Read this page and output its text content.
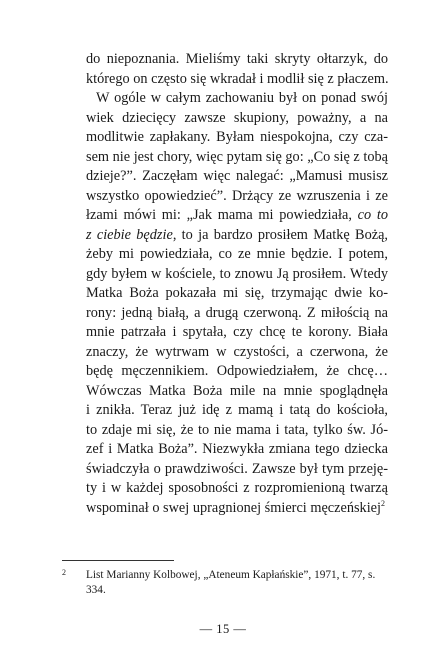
do niepoznania. Mieliśmy taki skryty ołtarzyk, do
którego on często się wkradał i modlił się z płaczem.
W ogóle w całym zachowaniu był on ponad swój
wiek dziecięcy zawsze skupiony, poważny, a na
modlitwie zapłakany. Byłam niespokojna, czy cza-
sem nie jest chory, więc pytam się go: „Co się z tobą
dzieje?”. Zaczęłam więc nalegać: „Mamusi musisz
wszystko opowiedzieć”. Drżący ze wzruszenia i ze
łzami mówi mi: „Jak mama mi powiedziała, co to
z ciebie będzie, to ja bardzo prosiłem Matkę Bożą,
żeby mi powiedziała, co ze mnie będzie. I potem,
gdy byłem w kościele, to znowu Ją prosiłem. Wtedy
Matka Boża pokazała mi się, trzymając dwie ko-
rony: jedną białą, a drugą czerwoną. Z miłością na
mnie patrzała i spytała, czy chcę te korony. Biała
znaczy, że wytrwam w czystości, a czerwona, że
będę męczennikiem. Odpowiedziałem, że chcę…
Wówczas Matka Boża mile na mnie spoglądnęła
i znikła. Teraz już idę z mamą i tatą do kościoła,
to zdaje mi się, że to nie mama i tata, tylko św. Jó-
zef i Matka Boża”. Niezwykła zmiana tego dziecka
świadczyła o prawdziwości. Zawsze był tym przeję-
ty i w każdej sposobności z rozpromienioną twarzą
wspominał o swej upragnionej śmierci męczeńskiej$^2$
2	List Marianny Kolbowej, „Ateneum Kapłańskie”, 1971, t. 77, s. 334.
— 15 —
